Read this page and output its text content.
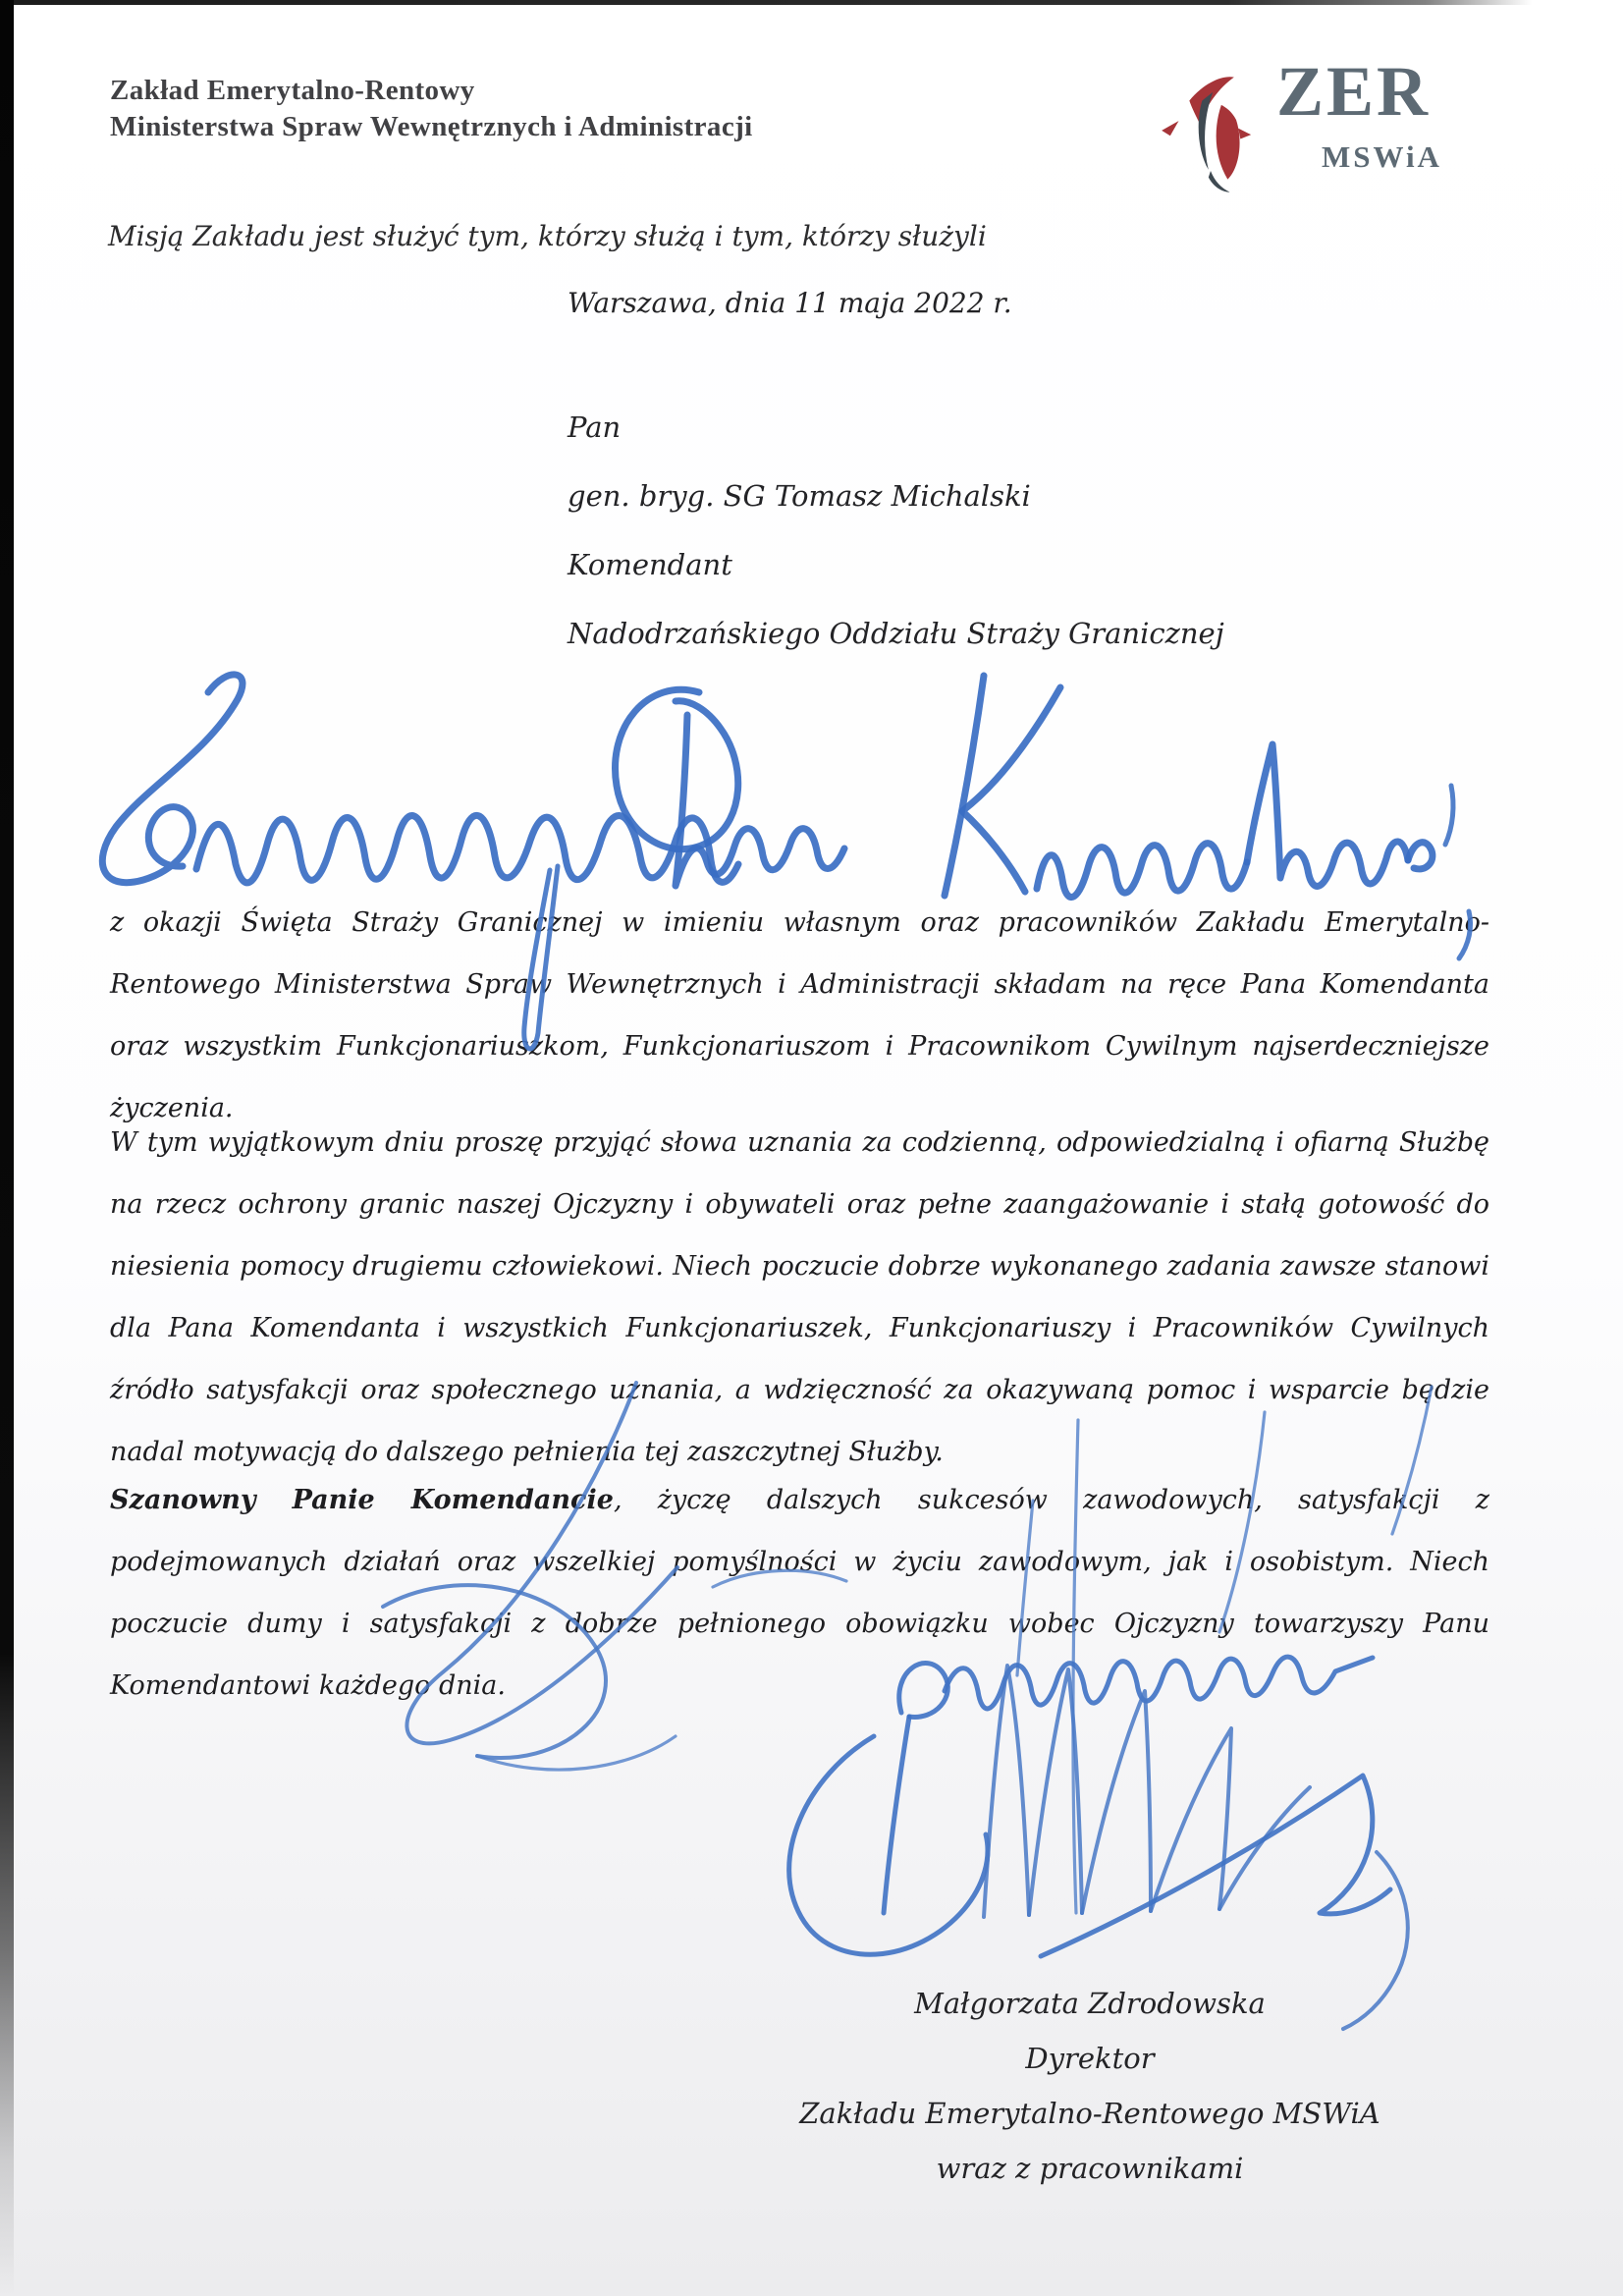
Zakład Emerytalno-Rentowy
Ministerstwa Spraw Wewnętrznych i Administracji	ZER
MSWiA
Misją Zakładu jest służyć tym, którzy służą i tym, którzy służyli
Warszawa, dnia 11 maja 2022 r.
Pan
gen. bryg. SG Tomasz Michalski
Komendant
Nadodrzańskiego Oddziału Straży Granicznej

z okazji Święta Straży Granicznej w imieniu własnym oraz pracowników Zakładu Emerytalno-Rentowego Ministerstwa Spraw Wewnętrznych i Administracji składam na ręce Pana Komendanta oraz wszystkim Funkcjonariuszkom, Funkcjonariuszom i Pracownikom Cywilnym najserdeczniejsze życzenia.

W tym wyjątkowym dniu proszę przyjąć słowa uznania za codzienną, odpowiedzialną i ofiarną Służbę na rzecz ochrony granic naszej Ojczyzny i obywateli oraz pełne zaangażowanie i stałą gotowość do niesienia pomocy drugiemu człowiekowi. Niech poczucie dobrze wykonanego zadania zawsze stanowi dla Pana Komendanta i wszystkich Funkcjonariuszek, Funkcjonariuszy i Pracowników Cywilnych źródło satysfakcji oraz społecznego uznania, a wdzięczność za okazywaną pomoc i wsparcie będzie nadal motywacją do dalszego pełnienia tej zaszczytnej Służby.

Szanowny Panie Komendancie, życzę dalszych sukcesów zawodowych, satysfakcji z podejmowanych działań oraz wszelkiej pomyślności w życiu zawodowym, jak i osobistym. Niech poczucie dumy i satysfakcji z dobrze pełnionego obowiązku wobec Ojczyzny towarzyszy Panu Komendantowi każdego dnia.

Małgorzata Zdrodowska
Dyrektor
Zakładu Emerytalno-Rentowego MSWiA
wraz z pracownikami
